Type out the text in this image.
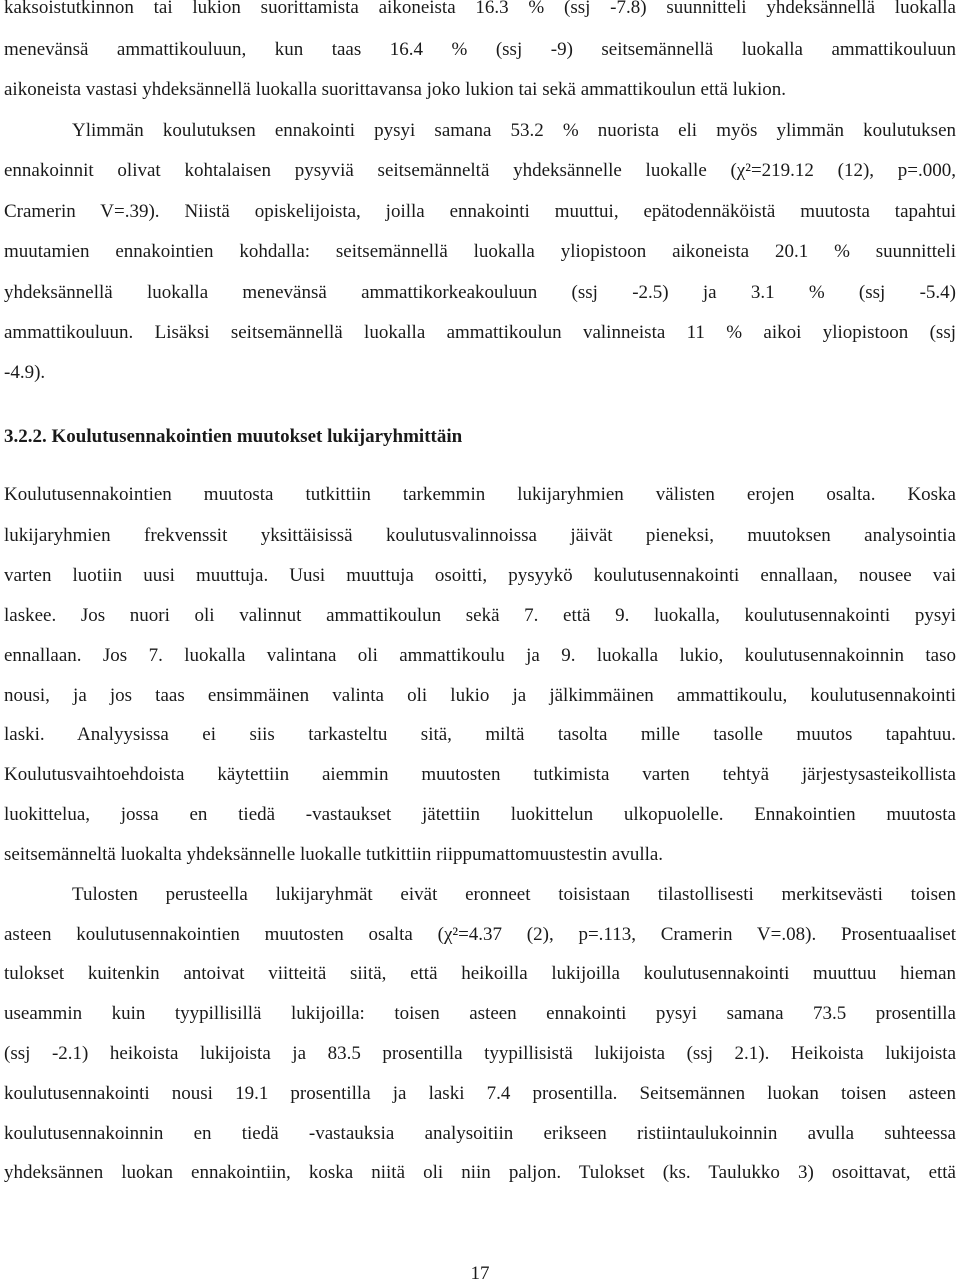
kaksoistutkinnon tai lukion suorittamista aikoneista 16.3 % (ssj -7.8) suunnitteli yhdeksännellä luokalla
menevänsä ammattikouluun, kun taas 16.4 % (ssj -9) seitsemännellä luokalla ammattikouluun
aikoneista vastasi yhdeksännellä luokalla suorittavansa joko lukion tai sekä ammattikoulun että lukion.
Ylimmän koulutuksen ennakointi pysyi samana 53.2 % nuorista eli myös ylimmän koulutuksen
ennakoinnit olivat kohtalaisen pysyviä seitsemänneltä yhdeksännelle luokalle (χ²=219.12 (12), p=.000,
Cramerin V=.39). Niistä opiskelijoista, joilla ennakointi muuttui, epätodennäköistä muutosta tapahtui
muutamien ennakointien kohdalla: seitsemännellä luokalla yliopistoon aikoneista 20.1 % suunnitteli
yhdeksännellä luokalla menevänsä ammattikorkeakouluun (ssj -2.5) ja 3.1 % (ssj -5.4)
ammattikouluun. Lisäksi seitsemännellä luokalla ammattikoulun valinneista 11 % aikoi yliopistoon (ssj
-4.9).
3.2.2. Koulutusennakointien muutokset lukijaryhmittäin
Koulutusennakointien muutosta tutkittiin tarkemmin lukijaryhmien välisten erojen osalta. Koska
lukijaryhmien frekvenssit yksittäisissä koulutusvalinnoissa jäivät pieneksi, muutoksen analysointia
varten luotiin uusi muuttuja. Uusi muuttuja osoitti, pysyykö koulutusennakointi ennallaan, nousee vai
laskee. Jos nuori oli valinnut ammattikoulun sekä 7. että 9. luokalla, koulutusennakointi pysyi
ennallaan. Jos 7. luokalla valintana oli ammattikoulu ja 9. luokalla lukio, koulutusennakoinnin taso
nousi, ja jos taas ensimmäinen valinta oli lukio ja jälkimmäinen ammattikoulu, koulutusennakointi
laski. Analyysissa ei siis tarkasteltu sitä, miltä tasolta mille tasolle muutos tapahtuu.
Koulutusvaihtoehdoista käytettiin aiemmin muutosten tutkimista varten tehtyä järjestysasteikollista
luokittelua, jossa en tiedä -vastaukset jätettiin luokittelun ulkopuolelle. Ennakointien muutosta
seitsemänneltä luokalta yhdeksännelle luokalle tutkittiin riippumattomuustestin avulla.
Tulosten perusteella lukijaryhmät eivät eronneet toisistaan tilastollisesti merkitsevästi toisen
asteen koulutusennakointien muutosten osalta (χ²=4.37 (2), p=.113, Cramerin V=.08). Prosentuaaliset
tulokset kuitenkin antoivat viitteitä siitä, että heikoilla lukijoilla koulutusennakointi muuttuu hieman
useammin kuin tyypillisillä lukijoilla: toisen asteen ennakointi pysyi samana 73.5 prosentilla
(ssj -2.1) heikoista lukijoista ja 83.5 prosentilla tyypillisistä lukijoista (ssj 2.1). Heikoista lukijoista
koulutusennakointi nousi 19.1 prosentilla ja laski 7.4 prosentilla. Seitsemännen luokan toisen asteen
koulutusennakoinnin en tiedä -vastauksia analysoitiin erikseen ristiintaulukoinnin avulla suhteessa
yhdeksännen luokan ennakointiin, koska niitä oli niin paljon. Tulokset (ks. Taulukko 3) osoittavat, että
17
